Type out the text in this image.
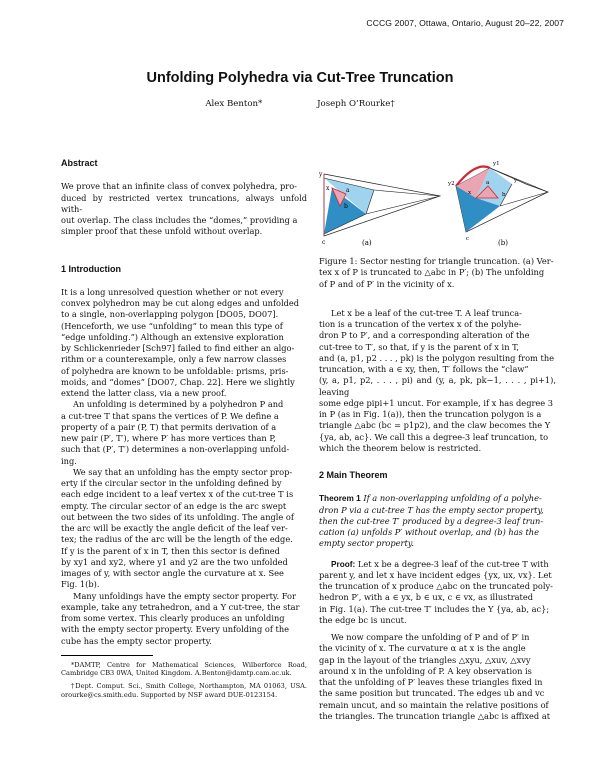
CCCG 2007, Ottawa, Ontario, August 20–22, 2007
Unfolding Polyhedra via Cut-Tree Truncation
Alex Benton*	Joseph O’Rourke†
Abstract
We prove that an infinite class of convex polyhedra, pro-
duced by restricted vertex truncations, always unfold with-
out overlap. The class includes the “domes,” providing a
simpler proof that these unfold without overlap.
1 Introduction
It is a long unresolved question whether or not every
convex polyhedron may be cut along edges and unfolded
to a single, non-overlapping polygon [DO05, DO07].
(Henceforth, we use “unfolding” to mean this type of
“edge unfolding.”) Although an extensive exploration
by Schlickenrieder [Sch97] failed to find either an algo-
rithm or a counterexample, only a few narrow classes
of polyhedra are known to be unfoldable: prisms, pris-
moids, and “domes” [DO07, Chap. 22]. Here we slightly
extend the latter class, via a new proof.
An unfolding is determined by a polyhedron P and
a cut-tree T that spans the vertices of P. We define a
property of a pair (P, T) that permits derivation of a
new pair (P′, T′), where P′ has more vertices than P,
such that (P′, T′) determines a non-overlapping unfold-
ing.
We say that an unfolding has the empty sector prop-
erty if the circular sector in the unfolding defined by
each edge incident to a leaf vertex x of the cut-tree T is
empty. The circular sector of an edge is the arc swept
out between the two sides of its unfolding. The angle of
the arc will be exactly the angle deficit of the leaf ver-
tex; the radius of the arc will be the length of the edge.
If y is the parent of x in T, then this sector is defined
by xy1 and xy2, where y1 and y2 are the two unfolded
images of y, with sector angle the curvature at x. See
Fig. 1(b).
Many unfoldings have the empty sector property. For
example, take any tetrahedron, and a Y cut-tree, the star
from some vertex. This clearly produces an unfolding
with the empty sector property. Every unfolding of the
cube has the empty sector property.
*DAMTP, Centre for Mathematical Sciences, Wilberforce Road, Cambridge CB3 0WA, United Kingdom. A.Benton@damtp.cam.ac.uk.
†Dept. Comput. Sci., Smith College, Northampton, MA 01063, USA. orourke@cs.smith.edu. Supported by NSF award DUE-0123154.
y
x	a
b
c	(a)
y1
y2
x
a
b
c
y
(b)
Figure 1: Sector nesting for triangle truncation. (a) Ver-
tex x of P is truncated to △abc in P′; (b) The unfolding
of P and of P′ in the vicinity of x.
Let x be a leaf of the cut-tree T. A leaf trunca-
tion is a truncation of the vertex x of the polyhe-
dron P to P′, and a corresponding alteration of the
cut-tree to T′, so that, if y is the parent of x in T,
and (a, p1, p2 . . . , pk) is the polygon resulting from the
truncation, with a ∈ xy, then, T′ follows the “claw”
(y, a, p1, p2, . . . , pi) and (y, a, pk, pk−1, . . . , pi+1), leaving
some edge pipi+1 uncut. For example, if x has degree 3
in P (as in Fig. 1(a)), then the truncation polygon is a
triangle △abc (bc = p1p2), and the claw becomes the Y
{ya, ab, ac}. We call this a degree-3 leaf truncation, to
which the theorem below is restricted.
2 Main Theorem
Theorem 1 If a non-overlapping unfolding of a polyhe-
dron P via a cut-tree T has the empty sector property,
then the cut-tree T′ produced by a degree-3 leaf trun-
cation (a) unfolds P′ without overlap, and (b) has the
empty sector property.
Proof: Let x be a degree-3 leaf of the cut-tree T with
parent y, and let x have incident edges {yx, ux, vx}. Let
the truncation of x produce △abc on the truncated poly-
hedron P′, with a ∈ yx, b ∈ ux, c ∈ vx, as illustrated
in Fig. 1(a). The cut-tree T′ includes the Y {ya, ab, ac};
the edge bc is uncut.
We now compare the unfolding of P and of P′ in
the vicinity of x. The curvature α at x is the angle
gap in the layout of the triangles △xyu, △xuv, △xvy
around x in the unfolding of P. A key observation is
that the unfolding of P′ leaves these triangles fixed in
the same position but truncated. The edges ub and vc
remain uncut, and so maintain the relative positions of
the triangles. The truncation triangle △abc is affixed at
